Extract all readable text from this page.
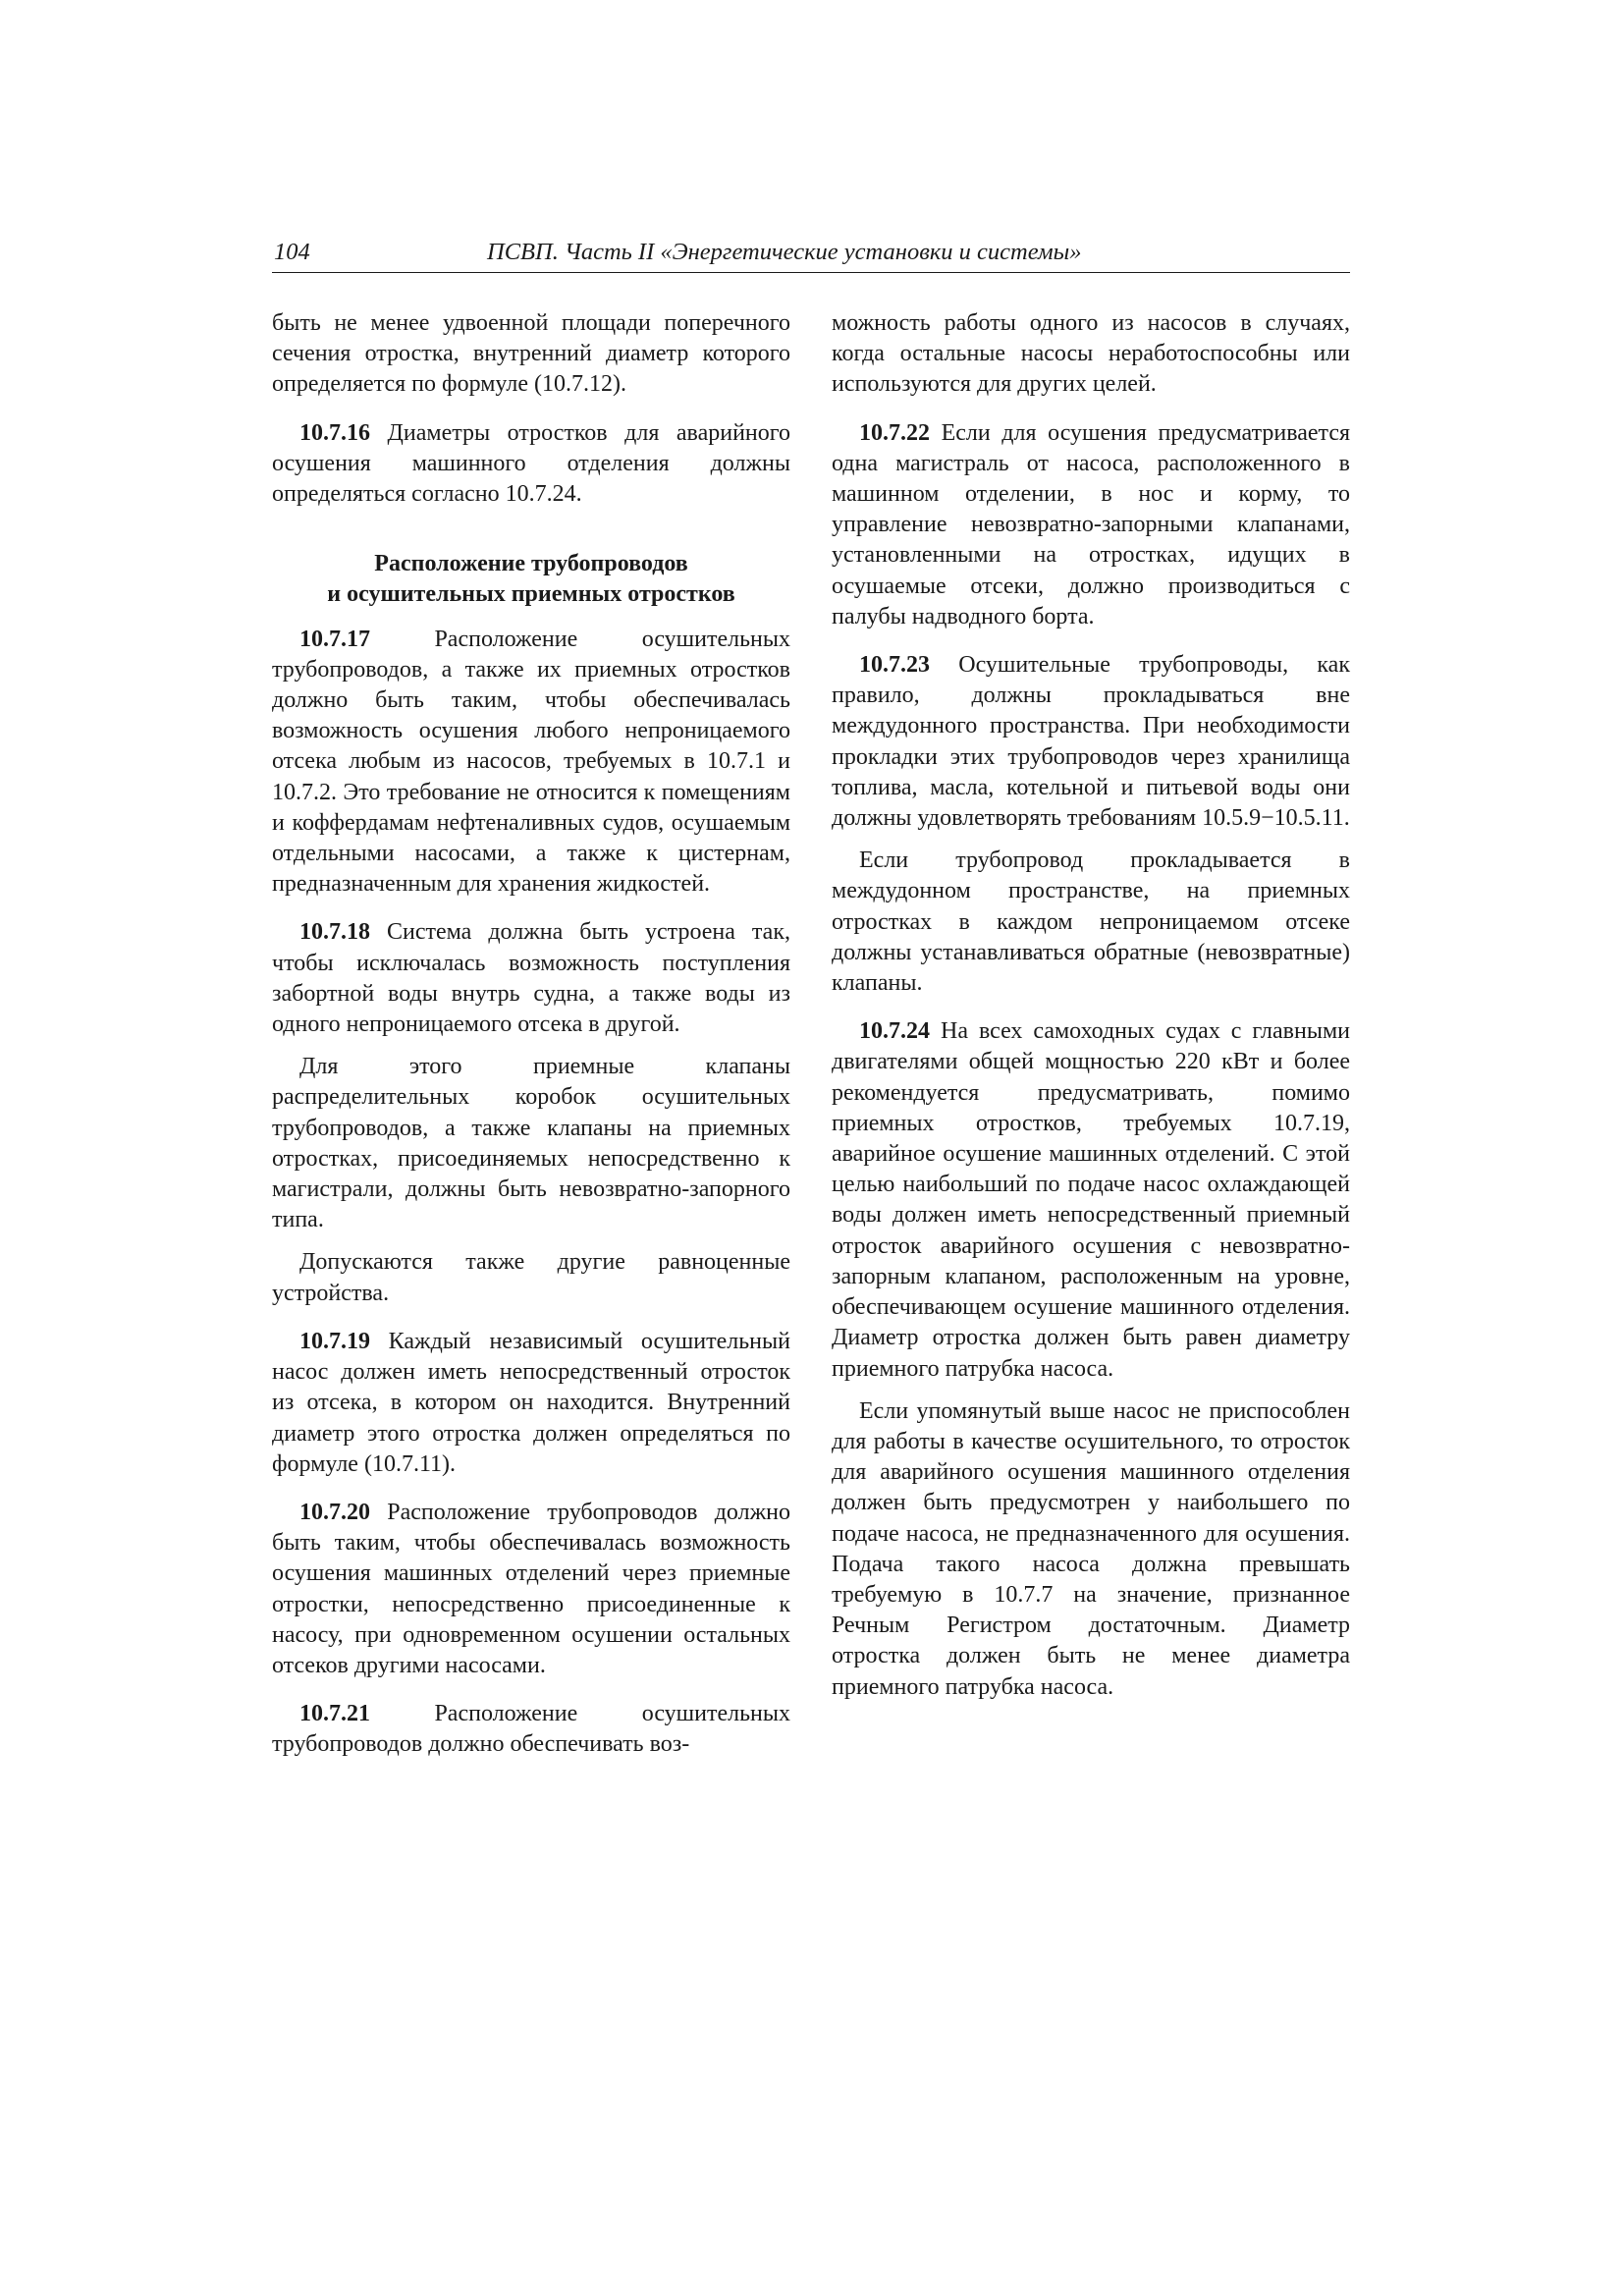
104	ПСВП. Часть II «Энергетические установки и системы»

быть не менее удвоенной площади поперечного сечения отростка, внутренний диаметр которого определяется по формуле (10.7.12).

10.7.16 Диаметры отростков для аварийного осушения машинного отделения должны определяться согласно 10.7.24.

Расположение трубопроводов
и осушительных приемных отростков

10.7.17	Расположение осушительных трубопроводов, а также их приемных отростков должно быть таким, чтобы обеспечивалась возможность осушения любого непроницаемого отсека любым из насосов, требуемых в 10.7.1 и 10.7.2. Это требование не относится к помещениям и коффердамам нефтеналивных судов, осушаемым отдельными насосами, а также к цистернам, предназначенным для хранения жидкостей.

10.7.18 Система должна быть устроена так, чтобы исключалась возможность поступления забортной воды внутрь судна, а также воды из одного непроницаемого отсека в другой.

Для этого приемные клапаны распределительных коробок осушительных трубопроводов, а также клапаны на приемных отростках, присоединяемых непосредственно к магистрали, должны быть невозвратно-запорного типа.

Допускаются также другие равноценные устройства.

10.7.19 Каждый независимый осушительный насос должен иметь непосредственный отросток из отсека, в котором он находится. Внутренний диаметр этого отростка должен определяться по формуле (10.7.11).

10.7.20 Расположение трубопроводов должно быть таким, чтобы обеспечивалась возможность осушения машинных отделений через приемные отростки, непосредственно присоединенные к насосу, при одновременном осушении остальных отсеков другими насосами.

10.7.21	Расположение осушительных трубопроводов должно обеспечивать воз-

можность работы одного из насосов в случаях, когда остальные насосы неработоспособны или используются для других целей.

10.7.22 Если для осушения предусматривается одна магистраль от насоса, расположенного в машинном отделении, в нос и корму, то управление невозвратно-запорными клапанами, установленными на отростках, идущих в осушаемые отсеки, должно производиться с палубы надводного борта.

10.7.23 Осушительные трубопроводы, как правило, должны прокладываться вне междудонного пространства. При необходимости прокладки этих трубопроводов через хранилища топлива, масла, котельной и питьевой воды они должны удовлетворять требованиям 10.5.9−10.5.11.

Если трубопровод прокладывается в междудонном пространстве, на приемных отростках в каждом непроницаемом отсеке должны устанавливаться обратные (невозвратные) клапаны.

10.7.24 На всех самоходных судах с главными двигателями общей мощностью 220 кВт и более рекомендуется предусматривать, помимо приемных отростков, требуемых 10.7.19, аварийное осушение машинных отделений. С этой целью наибольший по подаче насос охлаждающей воды должен иметь непосредственный приемный отросток аварийного осушения с невозвратно-запорным клапаном, расположенным на уровне, обеспечивающем осушение машинного отделения. Диаметр отростка должен быть равен диаметру приемного патрубка насоса.

Если упомянутый выше насос не приспособлен для работы в качестве осушительного, то отросток для аварийного осушения машинного отделения должен быть предусмотрен у наибольшего по подаче насоса, не предназначенного для осушения. Подача такого насоса должна превышать требуемую в 10.7.7 на значение, признанное Речным Регистром достаточным. Диаметр отростка должен быть не менее диаметра приемного патрубка насоса.
